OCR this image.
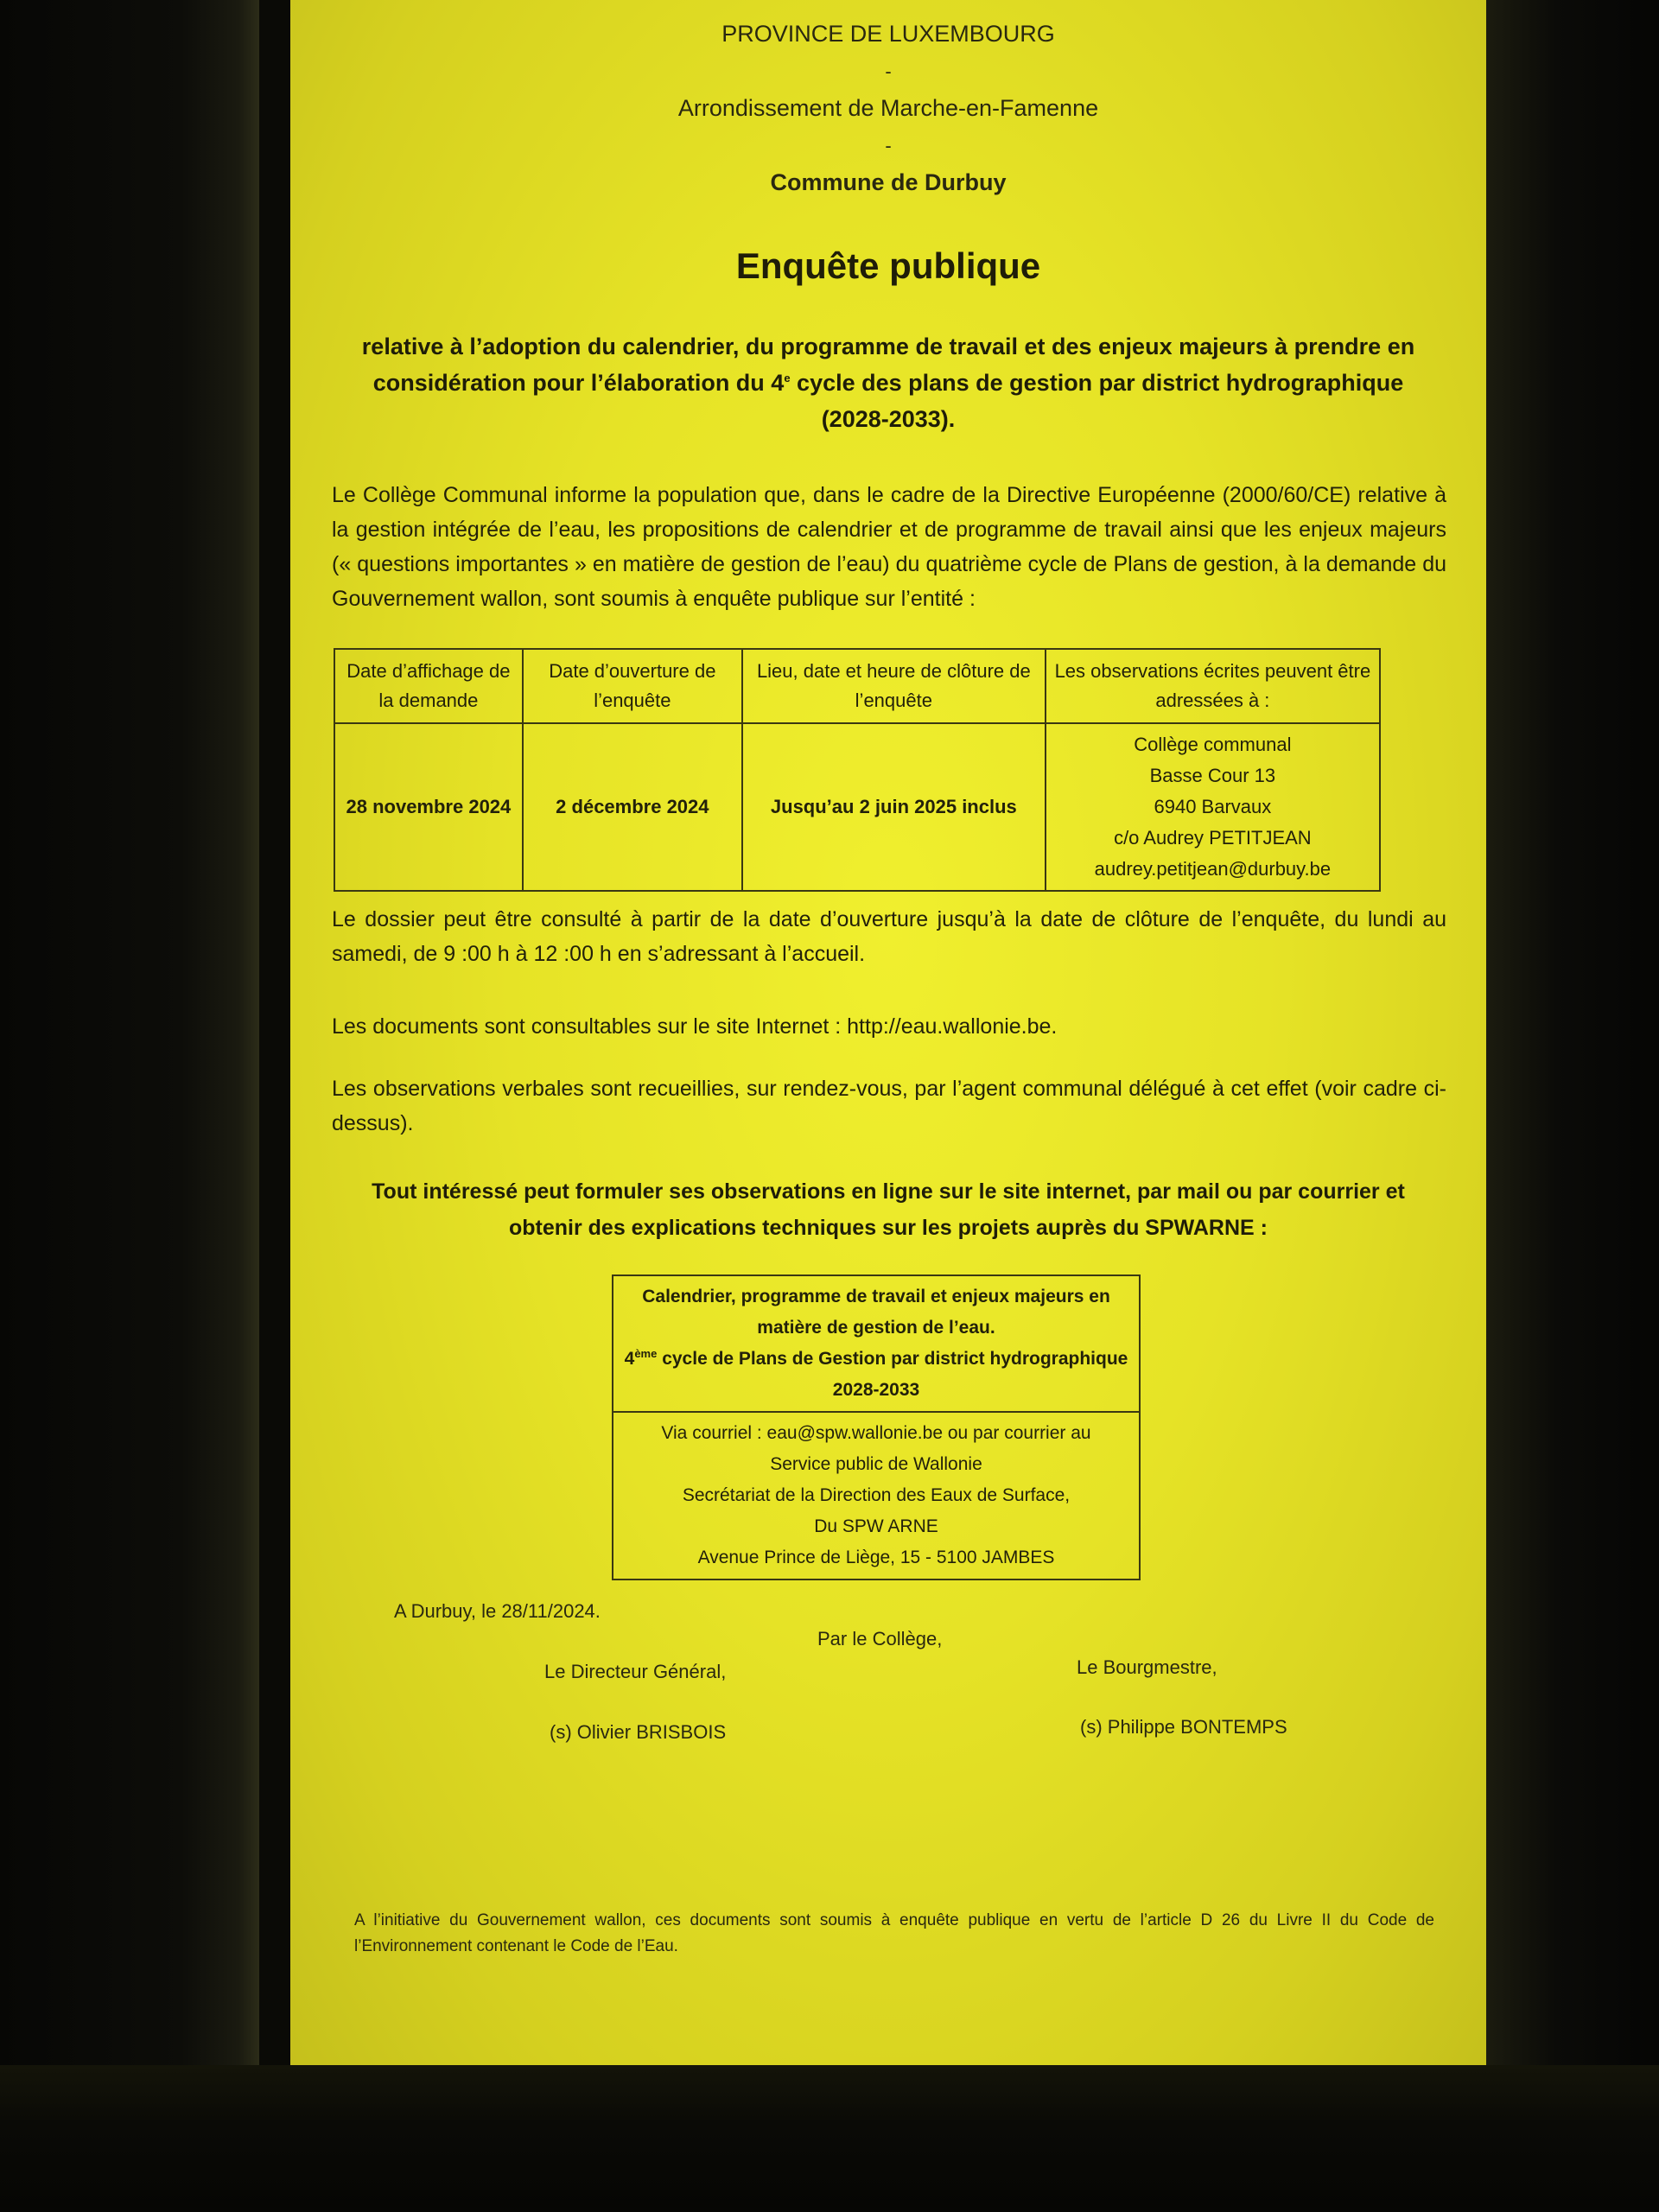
PROVINCE DE LUXEMBOURG
-
Arrondissement de Marche-en-Famenne
-
Commune de Durbuy
Enquête publique
relative à l’adoption du calendrier, du programme de travail et des enjeux majeurs à prendre en
considération pour l’élaboration du 4e cycle des plans de gestion par district hydrographique
(2028-2033).
Le Collège Communal informe la population que, dans le cadre de la Directive Européenne (2000/60/CE) relative à la gestion intégrée de l’eau, les propositions de calendrier et de programme de travail ainsi que les enjeux majeurs (« questions importantes » en matière de gestion de l’eau) du quatrième cycle de Plans de gestion, à la demande du Gouvernement wallon, sont soumis à enquête publique sur l’entité :
Date d’affichage de la demande	Date d’ouverture de l’enquête	Lieu, date et heure de clôture de l’enquête	Les observations écrites peuvent être adressées à :
28 novembre 2024	2 décembre 2024	Jusqu’au 2 juin 2025 inclus	Collège communal
Basse Cour 13
6940 Barvaux
c/o Audrey PETITJEAN
audrey.petitjean@durbuy.be
Le dossier peut être consulté à partir de la date d’ouverture jusqu’à la date de clôture de l’enquête, du lundi au samedi, de 9 :00 h à 12 :00 h en s’adressant à l’accueil.
Les documents sont consultables sur le site Internet : http://eau.wallonie.be.
Les observations verbales sont recueillies, sur rendez-vous, par l’agent communal délégué à cet effet (voir cadre ci-dessus).
Tout intéressé peut formuler ses observations en ligne sur le site internet, par mail ou par courrier et obtenir des explications techniques sur les projets auprès du SPWARNE :
Calendrier, programme de travail et enjeux majeurs en
matière de gestion de l’eau.
4ème cycle de Plans de Gestion par district hydrographique
2028-2033

Via courriel : eau@spw.wallonie.be ou par courrier au
Service public de Wallonie
Secrétariat de la Direction des Eaux de Surface,
Du SPW ARNE
Avenue Prince de Liège, 15 - 5100 JAMBES
A Durbuy, le 28/11/2024.
Par le Collège,
Le Directeur Général,	Le Bourgmestre,
(s) Olivier BRISBOIS	(s) Philippe BONTEMPS
A l’initiative du Gouvernement wallon, ces documents sont soumis à enquête publique en vertu de l’article D 26 du Livre II du Code de l’Environnement contenant le Code de l’Eau.
